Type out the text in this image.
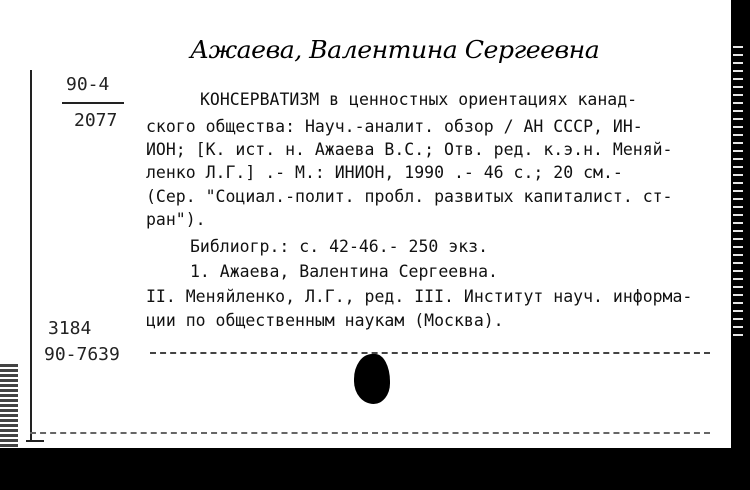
Ажаева, Валентина Сергеевна
90-4
2077
КОНСЕРВАТИЗМ в ценностных ориентациях канад-
ского общества: Науч.-аналит. обзор / АН СССР, ИН-
ИОН; [К. ист. н. Ажаева В.С.; Отв. ред. к.э.н. Меняй-
ленко Л.Г.] .- М.: ИНИОН, 1990 .- 46 с.; 20 см.-
(Сер. "Социал.-полит. пробл. развитых капиталист. ст-
ран").
Библиогр.: с. 42-46.- 250 экз.
1. Ажаева, Валентина Сергеевна.
II. Меняйленко, Л.Г., ред. III. Институт науч. информа-
ции по общественным наукам (Москва).
3184
90-7639
